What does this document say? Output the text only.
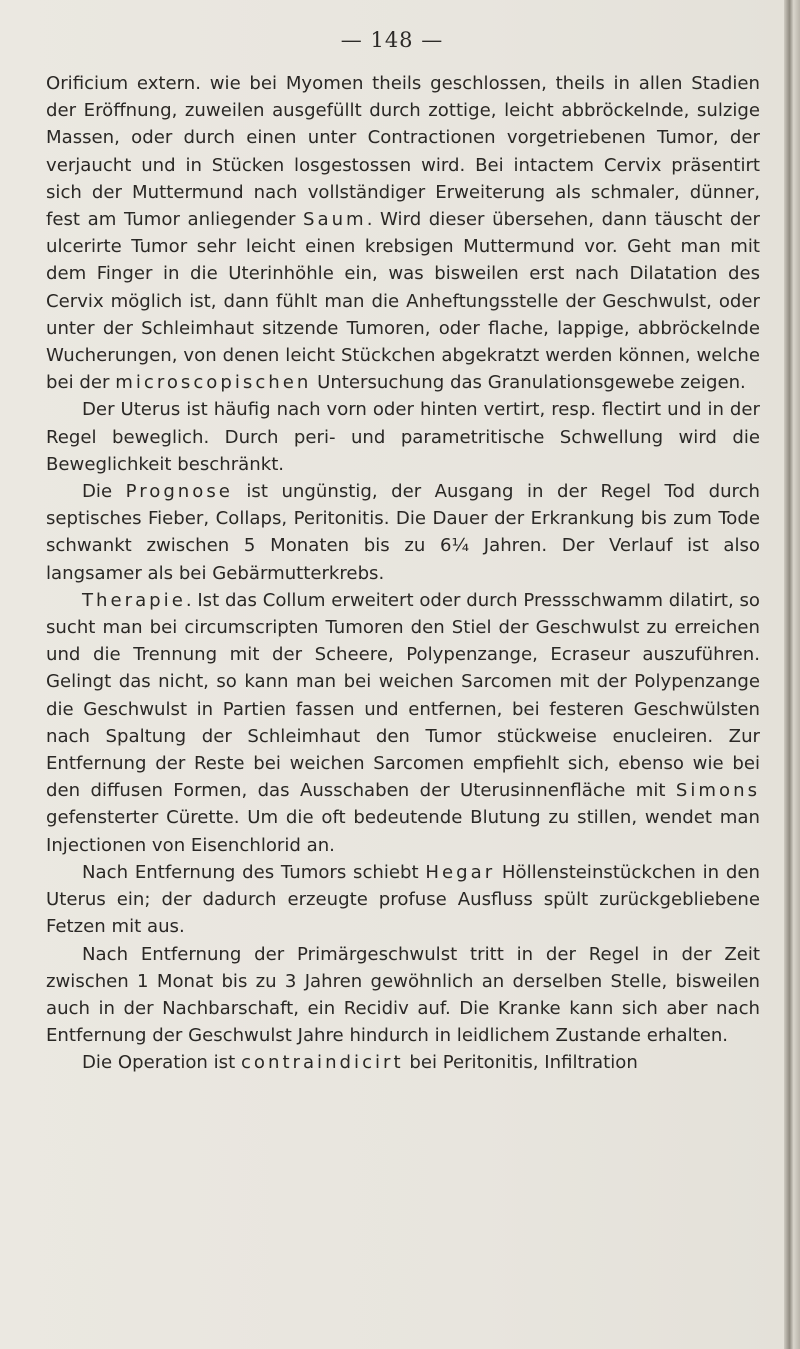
— 148 —

Orificium extern. wie bei Myomen theils geschlossen, theils in allen Stadien der Eröffnung, zuweilen ausgefüllt durch zottige, leicht abbröckelnde, sulzige Massen, oder durch einen unter Contractionen vorgetriebenen Tumor, der verjaucht und in Stücken losgestossen wird. Bei intactem Cervix präsentirt sich der Muttermund nach vollständiger Erweiterung als schmaler, dünner, fest am Tumor anliegender Saum. Wird dieser übersehen, dann täuscht der ulcerirte Tumor sehr leicht einen krebsigen Muttermund vor. Geht man mit dem Finger in die Uterinhöhle ein, was bisweilen erst nach Dilatation des Cervix möglich ist, dann fühlt man die Anheftungsstelle der Geschwulst, oder unter der Schleimhaut sitzende Tumoren, oder flache, lappige, abbröckelnde Wucherungen, von denen leicht Stückchen abgekratzt werden können, welche bei der microscopischen Untersuchung das Granulationsgewebe zeigen.

Der Uterus ist häufig nach vorn oder hinten vertirt, resp. flectirt und in der Regel beweglich. Durch peri- und parametritische Schwellung wird die Beweglichkeit beschränkt.

Die Prognose ist ungünstig, der Ausgang in der Regel Tod durch septisches Fieber, Collaps, Peritonitis. Die Dauer der Erkrankung bis zum Tode schwankt zwischen 5 Monaten bis zu 6¼ Jahren. Der Verlauf ist also langsamer als bei Gebärmutterkrebs.

Therapie. Ist das Collum erweitert oder durch Pressschwamm dilatirt, so sucht man bei circumscripten Tumoren den Stiel der Geschwulst zu erreichen und die Trennung mit der Scheere, Polypenzange, Ecraseur auszuführen. Gelingt das nicht, so kann man bei weichen Sarcomen mit der Polypenzange die Geschwulst in Partien fassen und entfernen, bei festeren Geschwülsten nach Spaltung der Schleimhaut den Tumor stückweise enucleiren. Zur Entfernung der Reste bei weichen Sarcomen empfiehlt sich, ebenso wie bei den diffusen Formen, das Ausschaben der Uterusinnenfläche mit Simons gefensterter Cürette. Um die oft bedeutende Blutung zu stillen, wendet man Injectionen von Eisenchlorid an.

Nach Entfernung des Tumors schiebt Hegar Höllensteinstückchen in den Uterus ein; der dadurch erzeugte profuse Ausfluss spült zurückgebliebene Fetzen mit aus.

Nach Entfernung der Primärgeschwulst tritt in der Regel in der Zeit zwischen 1 Monat bis zu 3 Jahren gewöhnlich an derselben Stelle, bisweilen auch in der Nachbarschaft, ein Recidiv auf. Die Kranke kann sich aber nach Entfernung der Geschwulst Jahre hindurch in leidlichem Zustande erhalten.

Die Operation ist contraindicirt bei Peritonitis, Infiltration
